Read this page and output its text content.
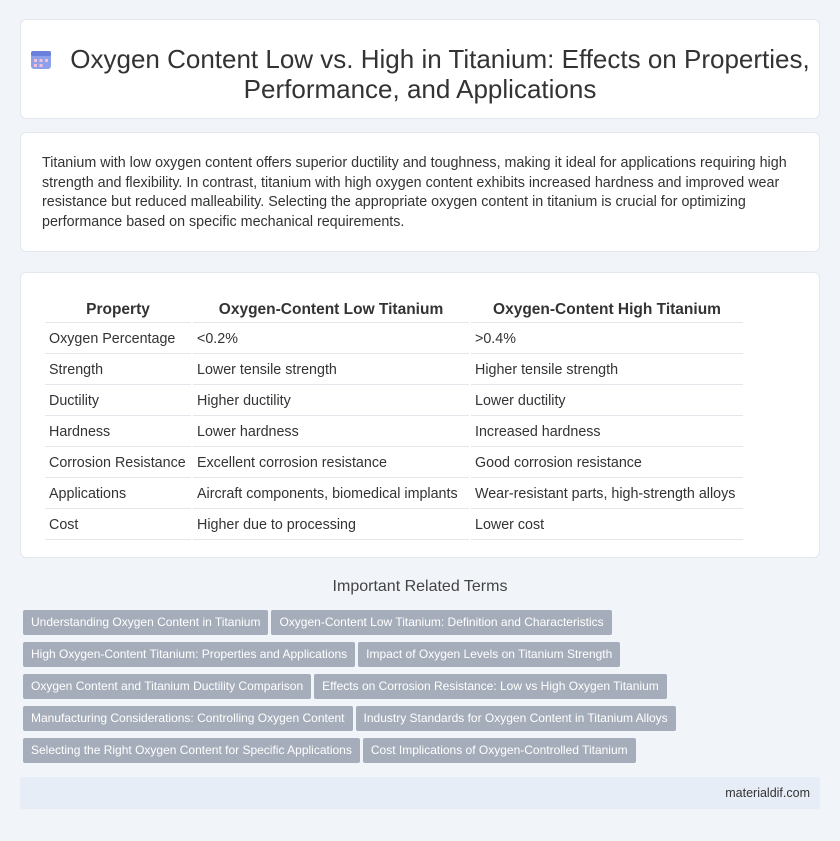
Oxygen Content Low vs. High in Titanium: Effects on Properties,
Performance, and Applications

Titanium with low oxygen content offers superior ductility and toughness, making it ideal for applications requiring high strength and flexibility. In contrast, titanium with high oxygen content exhibits increased hardness and improved wear resistance but reduced malleability. Selecting the appropriate oxygen content in titanium is crucial for optimizing performance based on specific mechanical requirements.

Property	Oxygen-Content Low Titanium	Oxygen-Content High Titanium
Oxygen Percentage	<0.2%	>0.4%
Strength	Lower tensile strength	Higher tensile strength
Ductility	Higher ductility	Lower ductility
Hardness	Lower hardness	Increased hardness
Corrosion Resistance	Excellent corrosion resistance	Good corrosion resistance
Applications	Aircraft components, biomedical implants	Wear-resistant parts, high-strength alloys
Cost	Higher due to processing	Lower cost
Important Related Terms
Understanding Oxygen Content in Titanium Oxygen-Content Low Titanium: Definition and Characteristics
High Oxygen-Content Titanium: Properties and Applications Impact of Oxygen Levels on Titanium Strength
Oxygen Content and Titanium Ductility Comparison Effects on Corrosion Resistance: Low vs High Oxygen Titanium
Manufacturing Considerations: Controlling Oxygen Content Industry Standards for Oxygen Content in Titanium Alloys
Selecting the Right Oxygen Content for Specific Applications Cost Implications of Oxygen-Controlled Titanium
materialdif.com
